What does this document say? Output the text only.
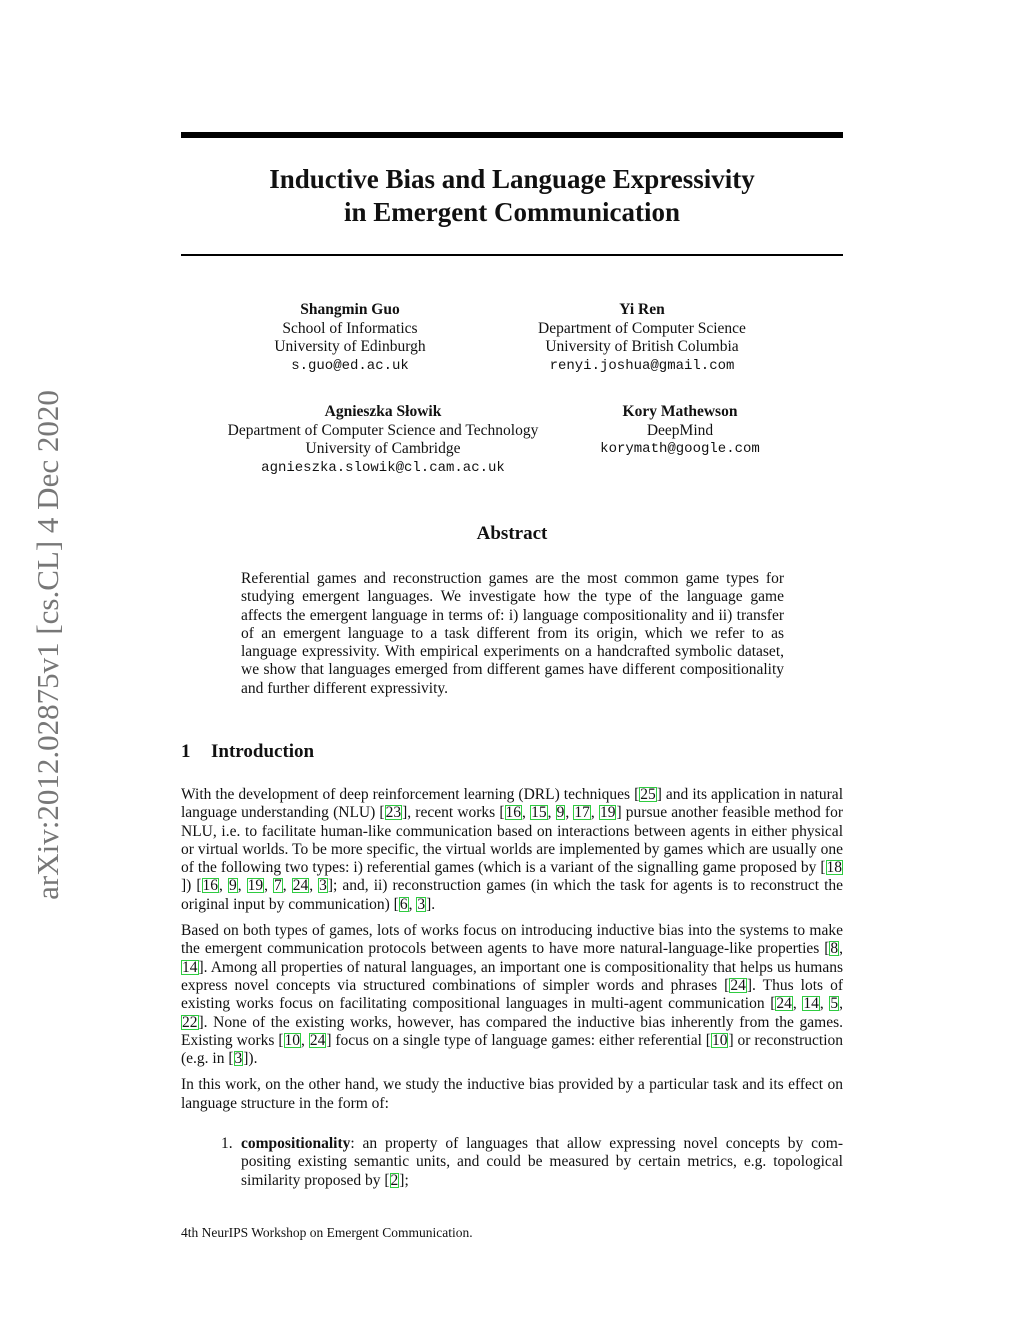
arXiv:2012.02875v1 [cs.CL] 4 Dec 2020
Inductive Bias and Language Expressivity
in Emergent Communication
Shangmin Guo
School of Informatics
University of Edinburgh
s.guo@ed.ac.uk
Yi Ren
Department of Computer Science
University of British Columbia
renyi.joshua@gmail.com
Agnieszka Słowik
Department of Computer Science and Technology
University of Cambridge
agnieszka.slowik@cl.cam.ac.uk
Kory Mathewson
DeepMind
korymath@google.com
Abstract
Referential games and reconstruction games are the most common game types for studying emergent languages. We investigate how the type of the language game affects the emergent language in terms of: i) language compositionality and ii) transfer of an emergent language to a task different from its origin, which we refer to as language expressivity. With empirical experiments on a handcrafted symbolic dataset, we show that languages emerged from different games have different compositionality and further different expressivity.
1 Introduction

With the development of deep reinforcement learning (DRL) techniques [25] and its application in natural language understanding (NLU) [23], recent works [16, 15, 9, 17, 19] pursue another feasible method for NLU, i.e. to facilitate human-like communication based on interactions between agents in either physical or virtual worlds. To be more specific, the virtual worlds are implemented by games which are usually one of the following two types: i) referential games (which is a variant of the signalling game proposed by [18]) [16, 9, 19, 7, 24, 3]; and, ii) reconstruction games (in which the task for agents is to reconstruct the original input by communication) [6, 3].

Based on both types of games, lots of works focus on introducing inductive bias into the systems to make the emergent communication protocols between agents to have more natural-language-like properties [8, 14]. Among all properties of natural languages, an important one is compositionality that helps us humans express novel concepts via structured combinations of simpler words and phrases [24]. Thus lots of existing works focus on facilitating compositional languages in multi-agent communication [24, 14, 5, 22]. None of the existing works, however, has compared the inductive bias inherently from the games. Existing works [10, 24] focus on a single type of language games: either referential [10] or reconstruction (e.g. in [3]).

In this work, on the other hand, we study the inductive bias provided by a particular task and its effect on language structure in the form of:

1. compositionality: an property of languages that allow expressing novel concepts by com-positing existing semantic units, and could be measured by certain metrics, e.g. topological similarity proposed by [2];
4th NeurIPS Workshop on Emergent Communication.
